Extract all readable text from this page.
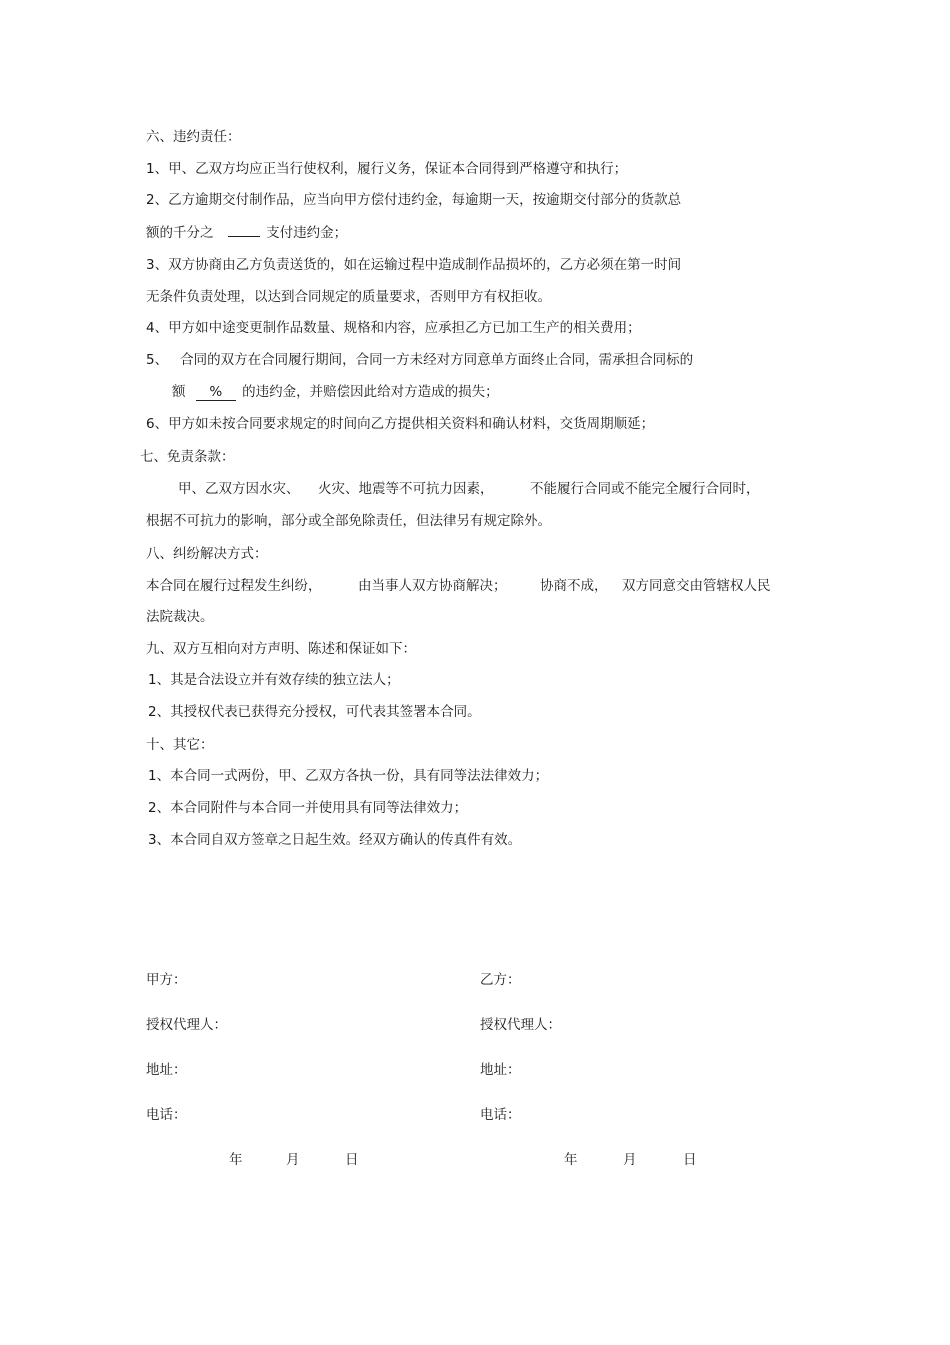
六、违约责任：
1、甲、乙双方均应正当行使权利，履行义务，保证本合同得到严格遵守和执行；
2、乙方逾期交付制作品，应当向甲方偿付违约金，每逾期一天，按逾期交付部分的货款总
额的千分之	支付违约金；
3、双方协商由乙方负责送货的，如在运输过程中造成制作品损坏的，乙方必须在第一时间
无条件负责处理，以达到合同规定的质量要求，否则甲方有权拒收。
4、甲方如中途变更制作品数量、规格和内容，应承担乙方已加工生产的相关费用；
5、 合同的双方在合同履行期间，合同一方未经对方同意单方面终止合同，需承担合同标的
额 % 的违约金，并赔偿因此给对方造成的损失；
6、甲方如未按合同要求规定的时间向乙方提供相关资料和确认材料，交货周期顺延；
七、免责条款：
甲、乙双方因水灾、 火灾、地震等不可抗力因素，	不能履行合同或不能完全履行合同时，
根据不可抗力的影响，部分或全部免除责任，但法律另有规定除外。
八、纠纷解决方式：
本合同在履行过程发生纠纷，	由当事人双方协商解决； 协商不成， 双方同意交由管辖权人民
法院裁决。
九、双方互相向对方声明、陈述和保证如下：
1、其是合法设立并有效存续的独立法人；
2、其授权代表已获得充分授权，可代表其签署本合同。
十、其它：
1、本合同一式两份，甲、乙双方各执一份，具有同等法法律效力；
2、本合同附件与本合同一并使用具有同等法律效力；
3、本合同自双方签章之日起生效。经双方确认的传真件有效。
甲方：	乙方：
授权代理人：	授权代理人：
地址：	地址：
电话：	电话：
年	月	日	年	月	日
